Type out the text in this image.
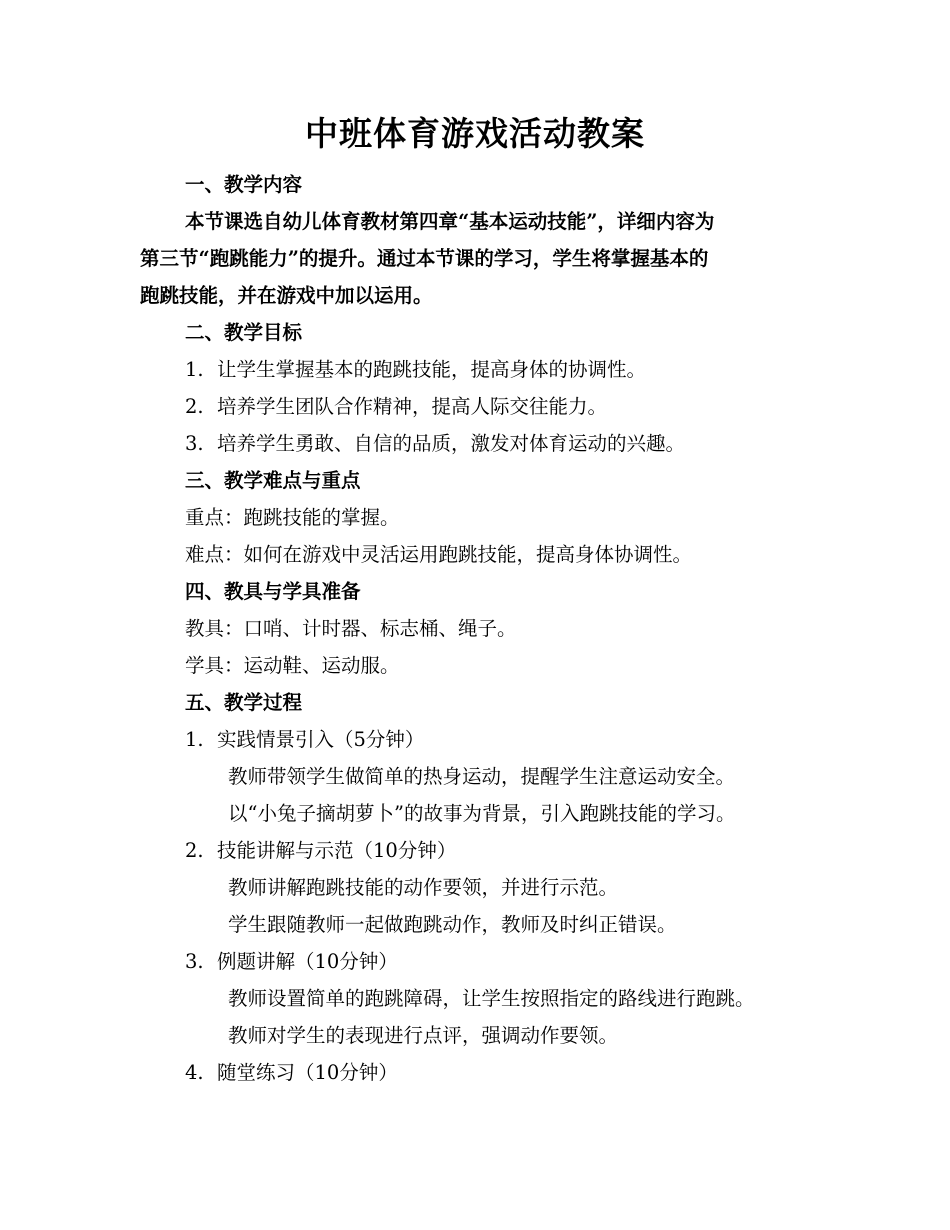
中班体育游戏活动教案
一、教学内容
本节课选自幼儿体育教材第四章“基本运动技能”，详细内容为
第三节“跑跳能力”的提升。通过本节课的学习，学生将掌握基本的
跑跳技能，并在游戏中加以运用。
二、教学目标
1. 让学生掌握基本的跑跳技能，提高身体的协调性。
2. 培养学生团队合作精神，提高人际交往能力。
3. 培养学生勇敢、自信的品质，激发对体育运动的兴趣。
三、教学难点与重点
重点：跑跳技能的掌握。
难点：如何在游戏中灵活运用跑跳技能，提高身体协调性。
四、教具与学具准备
教具：口哨、计时器、标志桶、绳子。
学具：运动鞋、运动服。
五、教学过程
1. 实践情景引入（5分钟）
教师带领学生做简单的热身运动，提醒学生注意运动安全。
以“小兔子摘胡萝卜”的故事为背景，引入跑跳技能的学习。
2. 技能讲解与示范（10分钟）
教师讲解跑跳技能的动作要领，并进行示范。
学生跟随教师一起做跑跳动作，教师及时纠正错误。
3. 例题讲解（10分钟）
教师设置简单的跑跳障碍，让学生按照指定的路线进行跑跳。
教师对学生的表现进行点评，强调动作要领。
4. 随堂练习（10分钟）
